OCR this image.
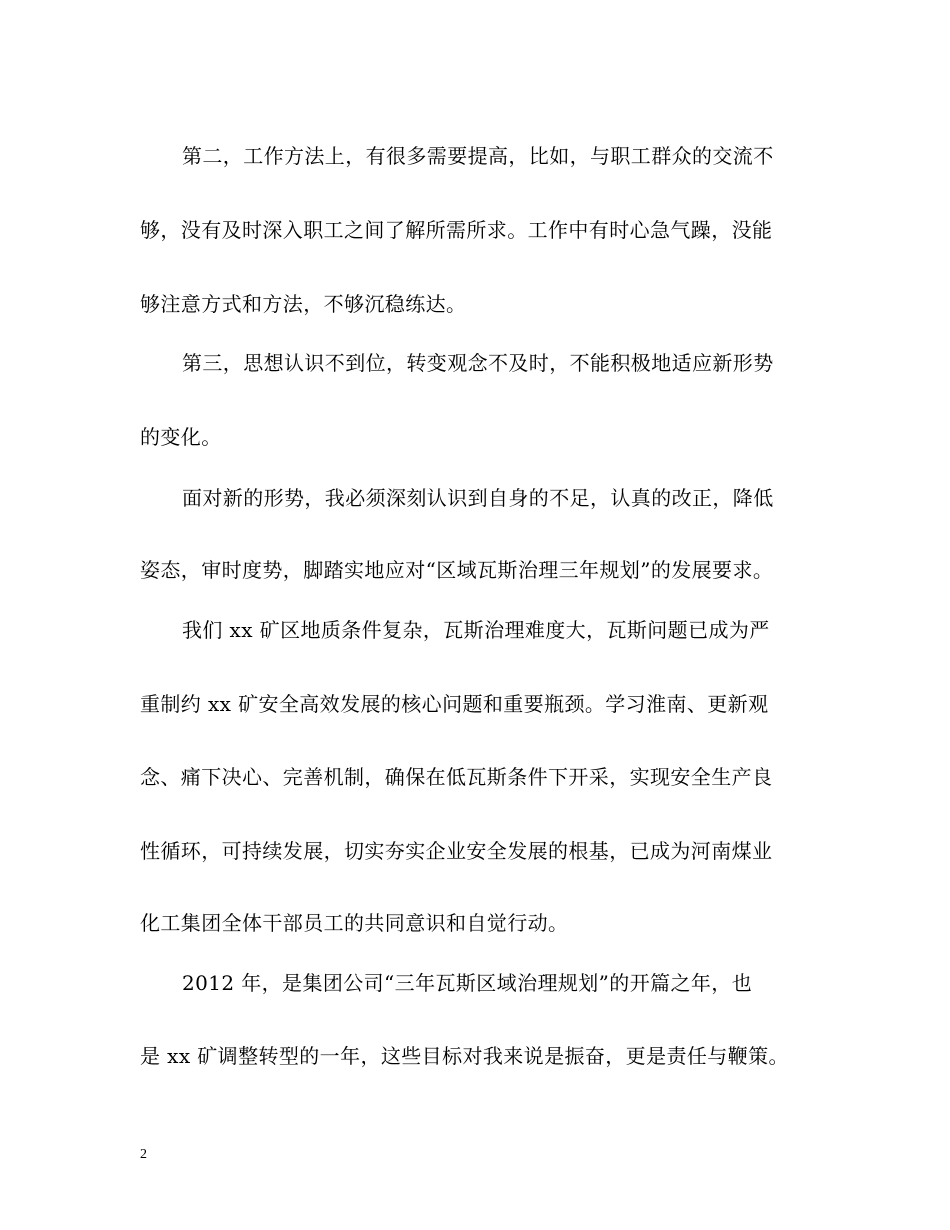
第二，工作方法上，有很多需要提高，比如，与职工群众的交流不
够，没有及时深入职工之间了解所需所求。工作中有时心急气躁，没能
够注意方式和方法，不够沉稳练达。
第三，思想认识不到位，转变观念不及时，不能积极地适应新形势
的变化。
面对新的形势，我必须深刻认识到自身的不足，认真的改正，降低
姿态，审时度势，脚踏实地应对“区域瓦斯治理三年规划”的发展要求。
我们 xx 矿区地质条件复杂，瓦斯治理难度大，瓦斯问题已成为严
重制约 xx 矿安全高效发展的核心问题和重要瓶颈。学习淮南、更新观
念、痛下决心、完善机制，确保在低瓦斯条件下开采，实现安全生产良
性循环，可持续发展，切实夯实企业安全发展的根基，已成为河南煤业
化工集团全体干部员工的共同意识和自觉行动。
2012 年，是集团公司“三年瓦斯区域治理规划”的开篇之年，也
是 xx 矿调整转型的一年，这些目标对我来说是振奋，更是责任与鞭策。
2
